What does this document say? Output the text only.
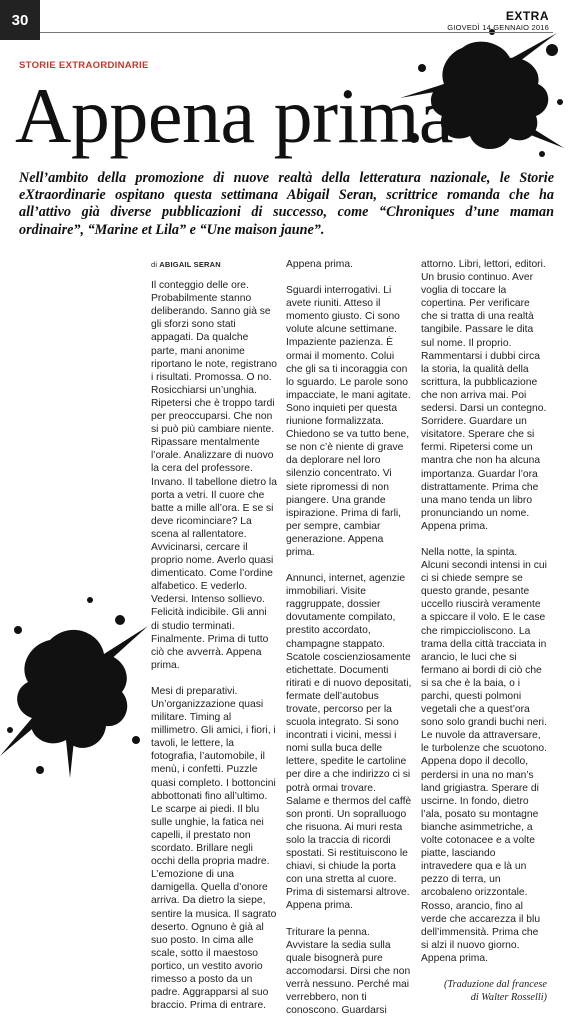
30	EXTRA
GIOVEDÌ 14 GENNAIO 2016
STORIE EXTRAORDINARIE
Appena prima
Nell’ambito della promozione di nuove realtà della letteratura nazionale, le Storie eXtraordinarie ospitano questa settimana Abigail Seran, scrittrice romanda che ha all’attivo già diverse pubblicazioni di successo, come “Chroniques d’une maman ordinaire”, “Marine et Lila” e “Une maison jaune”.
di ABIGAIL SERAN

Il conteggio delle ore. Probabilmente stanno deliberando. Sanno già se gli sforzi sono stati appagati. Da qualche parte, mani anonime riportano le note, registrano i risultati. Promossa. O no. Rosicchiarsi un’unghia. Ripetersi che è troppo tardi per preoccuparsi. Che non si può più cambiare niente. Ripassare mentalmente l’orale. Analizzare di nuovo la cera del professore. Invano. Il tabellone dietro la porta a vetri. Il cuore che batte a mille all’ora. E se si deve ricominciare? La scena al rallentatore. Avvicinarsi, cercare il proprio nome. Averlo quasi dimenticato. Come l’ordine alfabetico. E vederlo. Vedersi. Intenso sollievo. Felicità indicibile. Gli anni di studio terminati. Finalmente. Prima di tutto ciò che avverrà. Appena prima.

Mesi di preparativi. Un’organizzazione quasi militare. Timing al millimetro. Gli amici, i fiori, i tavoli, le lettere, la fotografia, l’automobile, il menù, i confetti. Puzzle quasi completo. I bottoncini abbottonati fino all’ultimo. Le scarpe ai piedi. Il blu sulle unghie, la fatica nei capelli, il prestato non scordato. Brillare negli occhi della propria madre. L’emozione di una damigella. Quella d’onore arriva. Da dietro la siepe, sentire la musica. Il sagrato deserto. Ognuno è già al suo posto. In cima alle scale, sotto il maestoso portico, un vestito avorio rimesso a posto da un padre. Aggrapparsi al suo braccio. Prima di entrare.

Appena prima.

Sguardi interrogativi. Li avete riuniti. Atteso il momento giusto. Ci sono volute alcune settimane. Impaziente pazienza. È ormai il momento. Colui che gli sa ti incoraggia con lo sguardo. Le parole sono impacciate, le mani agitate. Sono inquieti per questa riunione formalizzata. Chiedono se va tutto bene, se non c’è niente di grave da deplorare nel loro silenzio concentrato. Vi siete ripromessi di non piangere. Una grande ispirazione. Prima di farli, per sempre, cambiar generazione. Appena prima.

Annunci, internet, agenzie immobiliari. Visite raggruppate, dossier dovutamente compilato, prestito accordato, champagne stappato. Scatole coscienziosamente etichettate. Documenti ritirati e di nuovo depositati, fermate dell’autobus trovate, percorso per la scuola integrato. Si sono incontrati i vicini, messi i nomi sulla buca delle lettere, spedite le cartoline per dire a che indirizzo ci si potrà ormai trovare. Salame e thermos del caffè son pronti. Un sopralluogo che risuona. Ai muri resta solo la traccia di ricordi spostati. Si restituiscono le chiavi, si chiude la porta con una stretta al cuore. Prima di sistemarsi altrove. Appena prima.

Triturare la penna. Avvistare la sedia sulla quale bisognerà pure accomodarsi. Dirsi che non verrà nessuno. Perché mai verrebbero, non ti conoscono. Guardarsi

attorno. Libri, lettori, editori. Un brusio continuo. Aver voglia di toccare la copertina. Per verificare che si tratta di una realtà tangibile. Passare le dita sul nome. Il proprio. Rammentarsi i dubbi circa la storia, la qualità della scrittura, la pubblicazione che non arriva mai. Poi sedersi. Darsi un contegno. Sorridere. Guardare un visitatore. Sperare che si fermi. Ripetersi come un mantra che non ha alcuna importanza. Guardar l’ora distrattamente. Prima che una mano tenda un libro pronunciando un nome. Appena prima.

Nella notte, la spinta. Alcuni secondi intensi in cui ci si chiede sempre se questo grande, pesante uccello riuscirà veramente a spiccare il volo. E le case che rimpiccioliscono. La trama della città tracciata in arancio, le luci che si fermano ai bordi di ciò che si sa che è la baia, o i parchi, questi polmoni vegetali che a quest’ora sono solo grandi buchi neri. Le nuvole da attraversare, le turbolenze che scuotono. Appena dopo il decollo, perdersi in una no man’s land grigiastra. Sperare di uscirne. In fondo, dietro l’ala, posato su montagne bianche asimmetriche, a volte cotonacee e a volte piatte, lasciando intravedere qua e là un pezzo di terra, un arcobaleno orizzontale. Rosso, arancio, fino al verde che accarezza il blu dell’immensità. Prima che si alzi il nuovo giorno. Appena prima.

(Traduzione dal francese
di Walter Rosselli)
